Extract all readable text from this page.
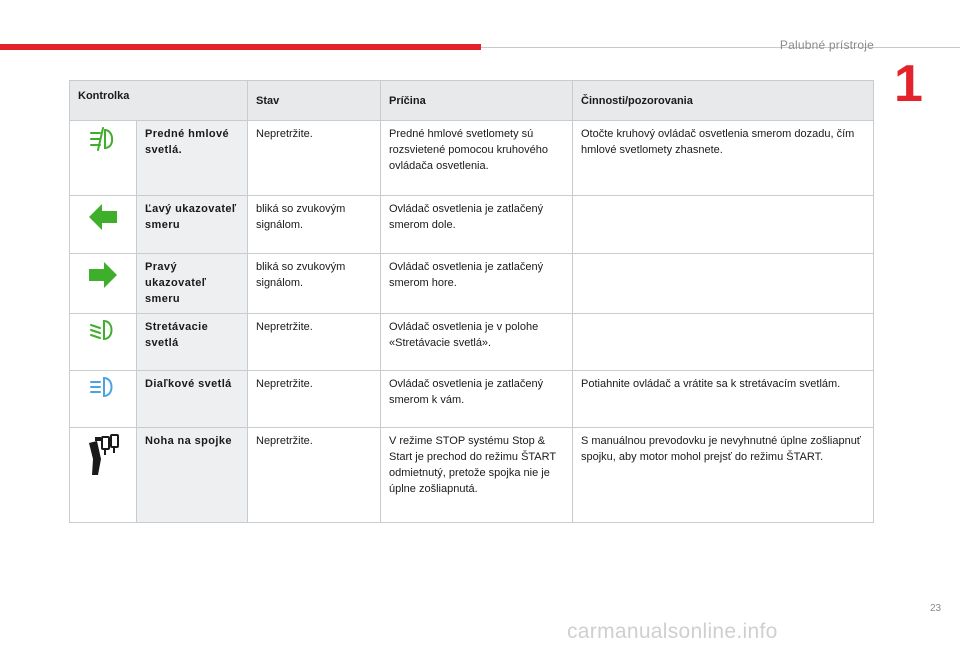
Palubné prístroje
1
Kontrolka		Stav	Príčina	Činnosti/pozorovania
	Predné hmlové svetlá.	Nepretržite.	Predné hmlové svetlomety sú rozsvietené pomocou kruhového ovládača osvetlenia.	Otočte kruhový ovládač osvetlenia smerom dozadu, čím hmlové svetlomety zhasnete.
	Ľavý ukazovateľ smeru	bliká so zvukovým signálom.	Ovládač osvetlenia je zatlačený smerom dole.	
	Pravý ukazovateľ smeru	bliká so zvukovým signálom.	Ovládač osvetlenia je zatlačený smerom hore.	
	Stretávacie svetlá	Nepretržite.	Ovládač osvetlenia je v polohe «Stretávacie svetlá».	
	Diaľkové svetlá	Nepretržite.	Ovládač osvetlenia je zatlačený smerom k vám.	Potiahnite ovládač a vrátite sa k stretávacím svetlám.
	Noha na spojke	Nepretržite.	V režime STOP systému Stop & Start je prechod do režimu ŠTART odmietnutý, pretože spojka nie je úplne zošliapnutá.	S manuálnou prevodovku je nevyhnutné úplne zošliapnuť spojku, aby motor mohol prejsť do režimu ŠTART.
23
carmanualsonline.info
